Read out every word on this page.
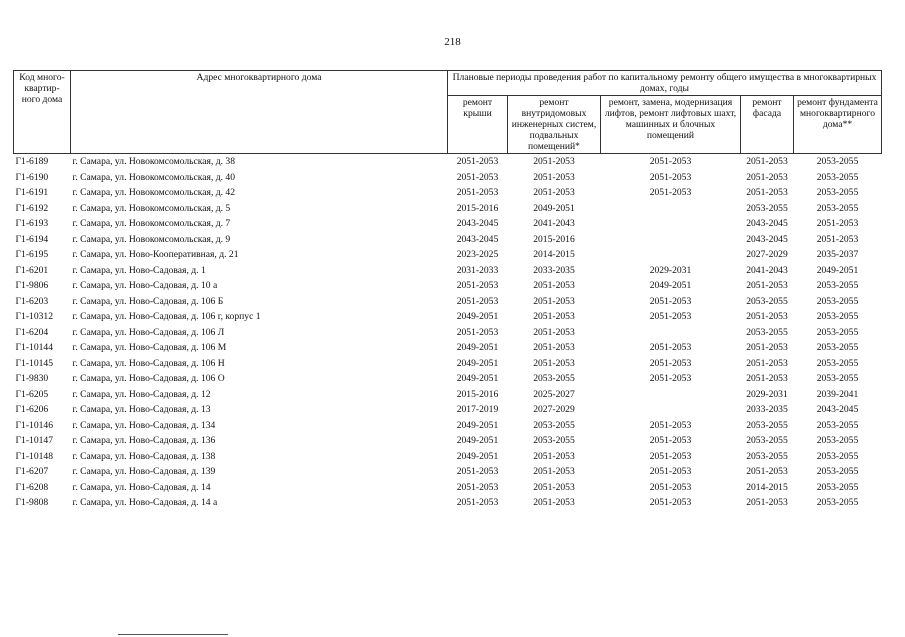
218
Код много-квартир-ного дома	Адрес многоквартирного дома	Плановые периоды проведения работ по капитальному ремонту общего имущества в многоквартирных домах, годы				
		ремонт крыши	ремонт внутридомовых инженерных систем, подвальных помещений*	ремонт, замена, модернизация лифтов, ремонт лифтовых шахт, машинных и блочных помещений	ремонт фасада	ремонт фундамента многоквартирного дома**
Г1-6189	г. Самара, ул. Новокомсомольская, д. 38	2051-2053	2051-2053	2051-2053	2051-2053	2053-2055
Г1-6190	г. Самара, ул. Новокомсомольская, д. 40	2051-2053	2051-2053	2051-2053	2051-2053	2053-2055
Г1-6191	г. Самара, ул. Новокомсомольская, д. 42	2051-2053	2051-2053	2051-2053	2051-2053	2053-2055
Г1-6192	г. Самара, ул. Новокомсомольская, д. 5	2015-2016	2049-2051		2053-2055	2053-2055
Г1-6193	г. Самара, ул. Новокомсомольская, д. 7	2043-2045	2041-2043		2043-2045	2051-2053
Г1-6194	г. Самара, ул. Новокомсомольская, д. 9	2043-2045	2015-2016		2043-2045	2051-2053
Г1-6195	г. Самара, ул. Ново-Кооперативная, д. 21	2023-2025	2014-2015		2027-2029	2035-2037
Г1-6201	г. Самара, ул. Ново-Садовая, д. 1	2031-2033	2033-2035	2029-2031	2041-2043	2049-2051
Г1-9806	г. Самара, ул. Ново-Садовая, д. 10 а	2051-2053	2051-2053	2049-2051	2051-2053	2053-2055
Г1-6203	г. Самара, ул. Ново-Садовая, д. 106 Б	2051-2053	2051-2053	2051-2053	2053-2055	2053-2055
Г1-10312	г. Самара, ул. Ново-Садовая, д. 106 г, корпус 1	2049-2051	2051-2053	2051-2053	2051-2053	2053-2055
Г1-6204	г. Самара, ул. Ново-Садовая, д. 106 Л	2051-2053	2051-2053		2053-2055	2053-2055
Г1-10144	г. Самара, ул. Ново-Садовая, д. 106 М	2049-2051	2051-2053	2051-2053	2051-2053	2053-2055
Г1-10145	г. Самара, ул. Ново-Садовая, д. 106 Н	2049-2051	2051-2053	2051-2053	2051-2053	2053-2055
Г1-9830	г. Самара, ул. Ново-Садовая, д. 106 О	2049-2051	2053-2055	2051-2053	2051-2053	2053-2055
Г1-6205	г. Самара, ул. Ново-Садовая, д. 12	2015-2016	2025-2027		2029-2031	2039-2041
Г1-6206	г. Самара, ул. Ново-Садовая, д. 13	2017-2019	2027-2029		2033-2035	2043-2045
Г1-10146	г. Самара, ул. Ново-Садовая, д. 134	2049-2051	2053-2055	2051-2053	2053-2055	2053-2055
Г1-10147	г. Самара, ул. Ново-Садовая, д. 136	2049-2051	2053-2055	2051-2053	2053-2055	2053-2055
Г1-10148	г. Самара, ул. Ново-Садовая, д. 138	2049-2051	2051-2053	2051-2053	2053-2055	2053-2055
Г1-6207	г. Самара, ул. Ново-Садовая, д. 139	2051-2053	2051-2053	2051-2053	2051-2053	2053-2055
Г1-6208	г. Самара, ул. Ново-Садовая, д. 14	2051-2053	2051-2053	2051-2053	2014-2015	2053-2055
Г1-9808	г. Самара, ул. Ново-Садовая, д. 14 а	2051-2053	2051-2053	2051-2053	2051-2053	2053-2055
